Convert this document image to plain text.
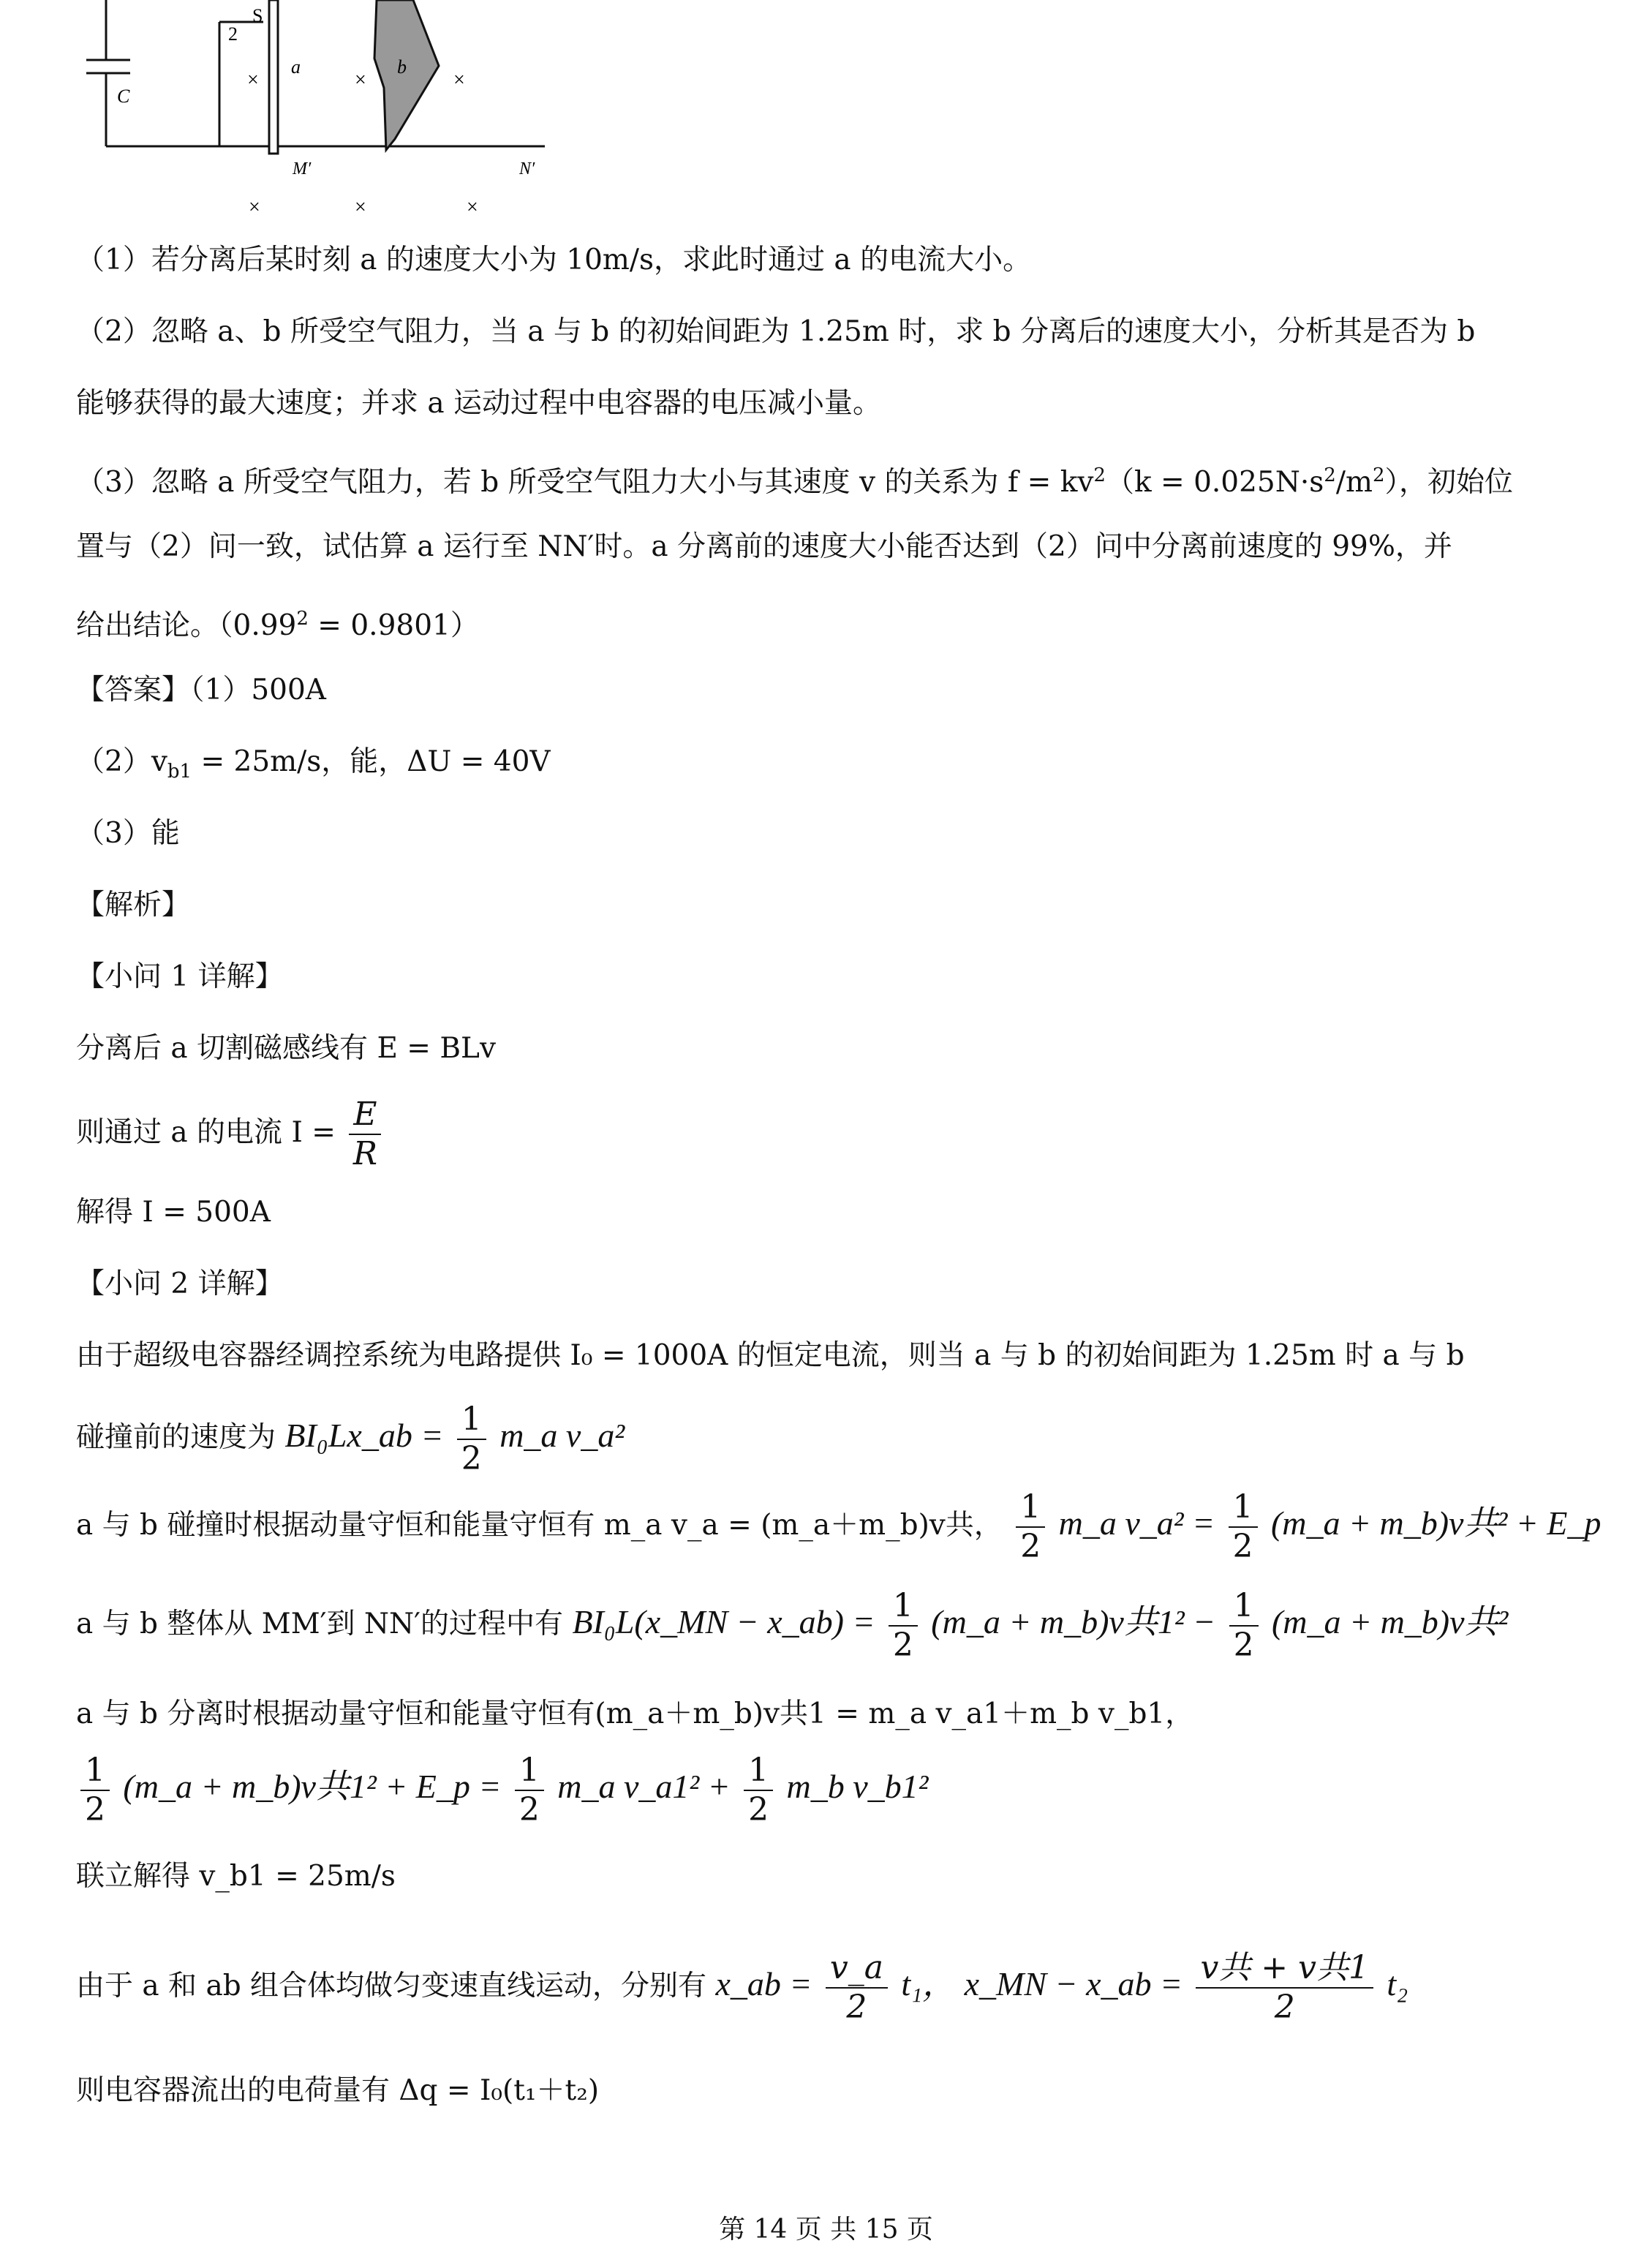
S
2
C
a	b
M′	N′
×	×	×
×	×	×
（1）若分离后某时刻 a 的速度大小为 10m/s，求此时通过 a 的电流大小。
（2）忽略 a、b 所受空气阻力，当 a 与 b 的初始间距为 1.25m 时，求 b 分离后的速度大小，分析其是否为 b
能够获得的最大速度；并求 a 运动过程中电容器的电压减小量。
（3）忽略 a 所受空气阻力，若 b 所受空气阻力大小与其速度 v 的关系为 $f = kv^2(k = 0.025N\cdot s^2/m^2)$，初始位
置与（2）问一致，试估算 a 运行至 NN′时。a 分离前的速度大小能否达到（2）问中分离前速度的 99%，并
给出结论。$(0.99^2 = 0.9801)$
【答案】（1）500A
$(2)v_{b1} = 25m/s$，能，ΔU = 40V
（3）能
【解析】
【小问 1 详解】
分离后 a 切割磁感线有 E = BLv
则通过 a 的电流 $I = \frac{E}{R}$
解得 I = 500A
【小问 2 详解】
由于超级电容器经调控系统为电路提供 I₀ = 1000A 的恒定电流，则当 a 与 b 的初始间距为 1.25m 时 a 与 b
碰撞前的速度为 BI₀Lx_ab = $\frac{1}{2}$ m_a v_a²
a 与 b 碰撞时根据动量守恒和能量守恒有 m_a v_a = (m_a＋m_b)v共， $\frac{1}{2}$ m_a v_a² = $\frac{1}{2}$ (m_a + m_b)v共² + E_p
a 与 b 整体从 MM′到 NN′的过程中有 BI₀L(x_MN − x_ab) = $\frac{1}{2}$ (m_a + m_b)v共$1^2 - \frac{1}{2}$ (m_a + m_b)v共²
a 与 b 分离时根据动量守恒和能量守恒有(m_a＋m_b)v共1 = m_a v_a1＋m_b v_b1，
$\frac{1}{2}$ (m_a + m_b)v共1² + E_p = $\frac{1}{2}$ m_a v_a1² + $\frac{1}{2}$ m_b v_b1²
联立解得 v_b1 = 25m/s
由于 a 和 ab 组合体均做匀变速直线运动，分别有 x_ab = $\frac{v\_a}{2} t_1$， x_MN − x_ab = $\frac{\text{v共 + v共1}}{2} t_2$
则电容器流出的电荷量有 Δq = I₀(t₁＋t₂)
第 14 页 共 15 页
